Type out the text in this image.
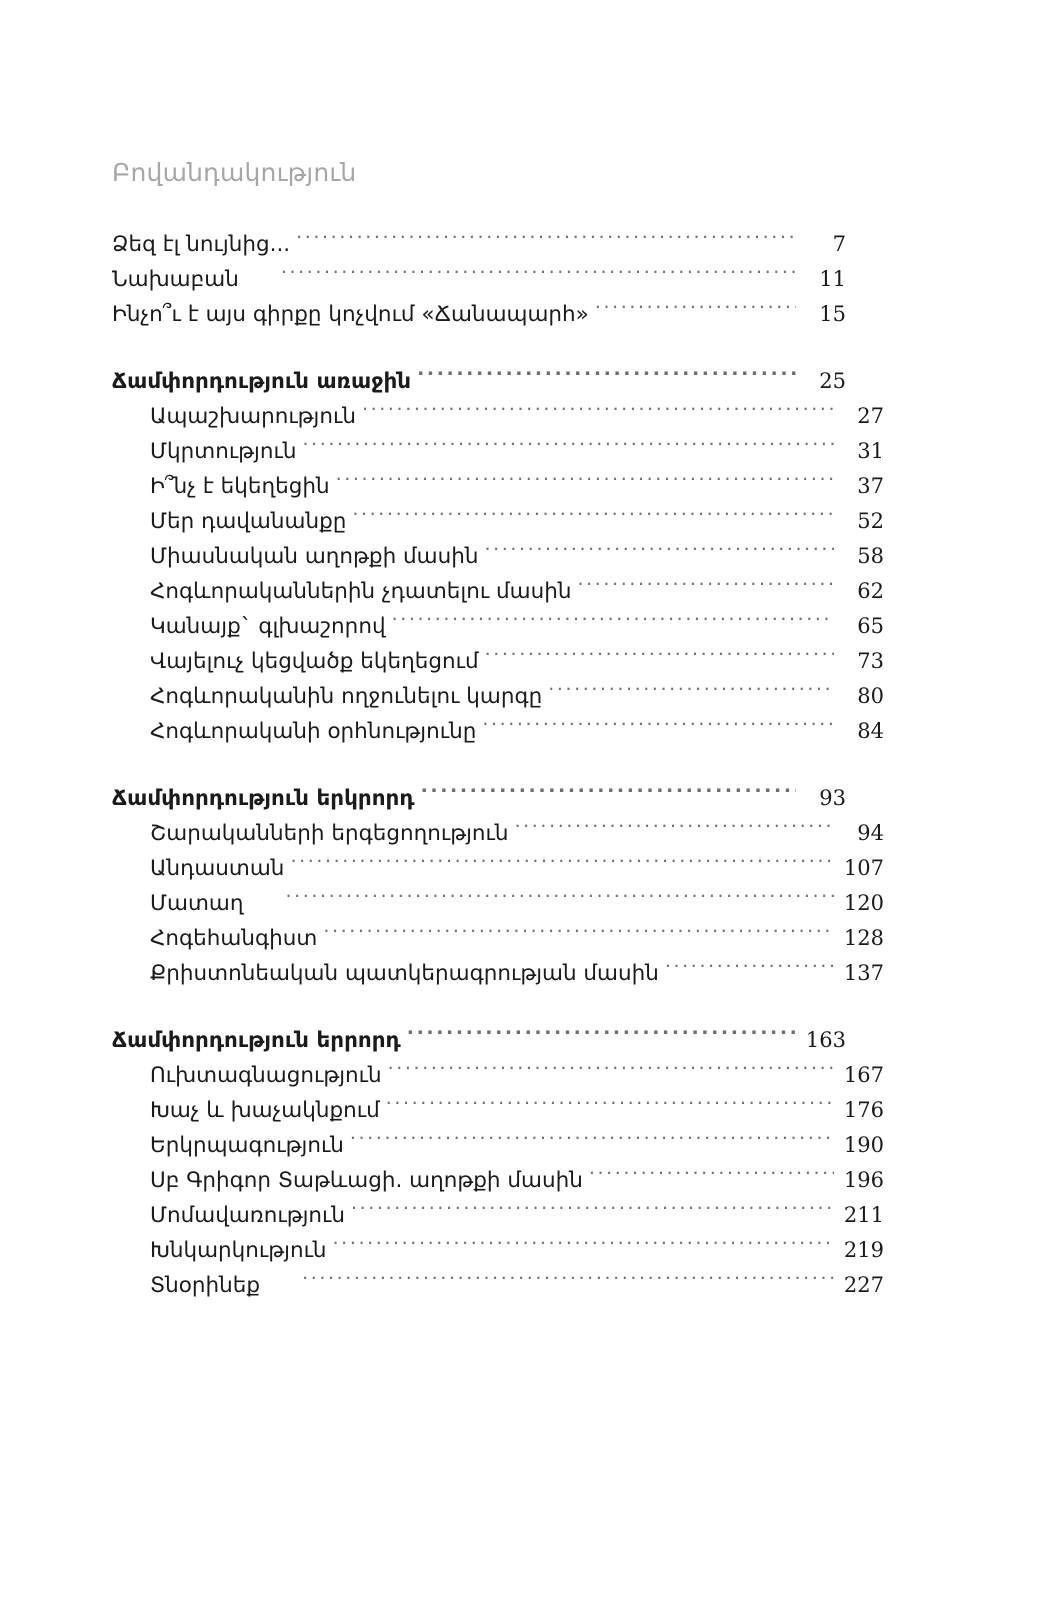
Բովանդակություն
Ձեզ էլ նույնից... .....	7
Նախաբան .....	11
Ինչո՞ւ է այս գիրքը կոչվում «Ճանապարհ» .....	15
Ճամփորդություն առաջին .....	25
Ապաշխարություն .....	27
Մկրտություն .....	31
Ի՞նչ է եկեղեցին .....	37
Մեր դավանանքը .....	52
Միասնական աղոթքի մասին .....	58
Հոգևորականներին չդատելու մասին .....	62
Կանայք` գլխաշորով .....	65
Վայելուչ կեցվածք եկեղեցում .....	73
Հոգևորականին ողջունելու կարգը .....	80
Հոգևորականի օրհնությունը .....	84
Ճամփորդություն երկրորդ .....	93
Շարականների երգեցողություն .....	94
Անդաստան .....	107
Մատաղ .....	120
Հոգեհանգիստ .....	128
Քրիստոնեական պատկերագրության մասին .....	137
Ճամփորդություն երրորդ .....	163
Ուխտագնացություն .....	167
Խաչ և խաչակնքում .....	176
Երկրպագություն .....	190
Սբ Գրիգոր Տաթևացի. աղոթքի մասին .....	196
Մոմավառություն .....	211
Խնկարկություն .....	219
Տնօրինեք .....	227
